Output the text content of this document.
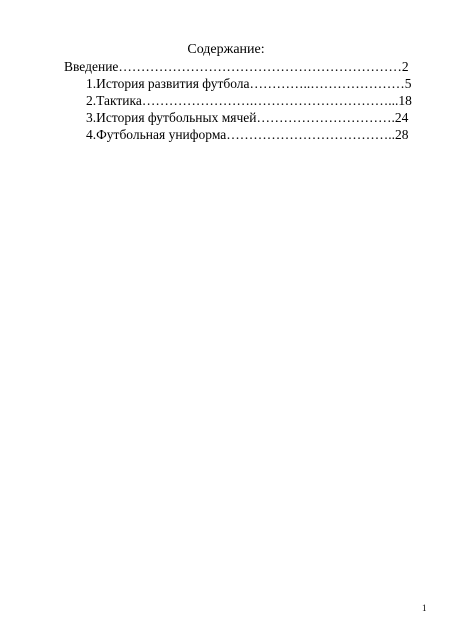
Содержание:
Введение………………………………………………………2
1.История развития футбола…………..…………………5
2.Тактика…………………….…………………………...18
3.История футбольных мячей………………………….24
4.Футбольная униформа………………………………..28
1
